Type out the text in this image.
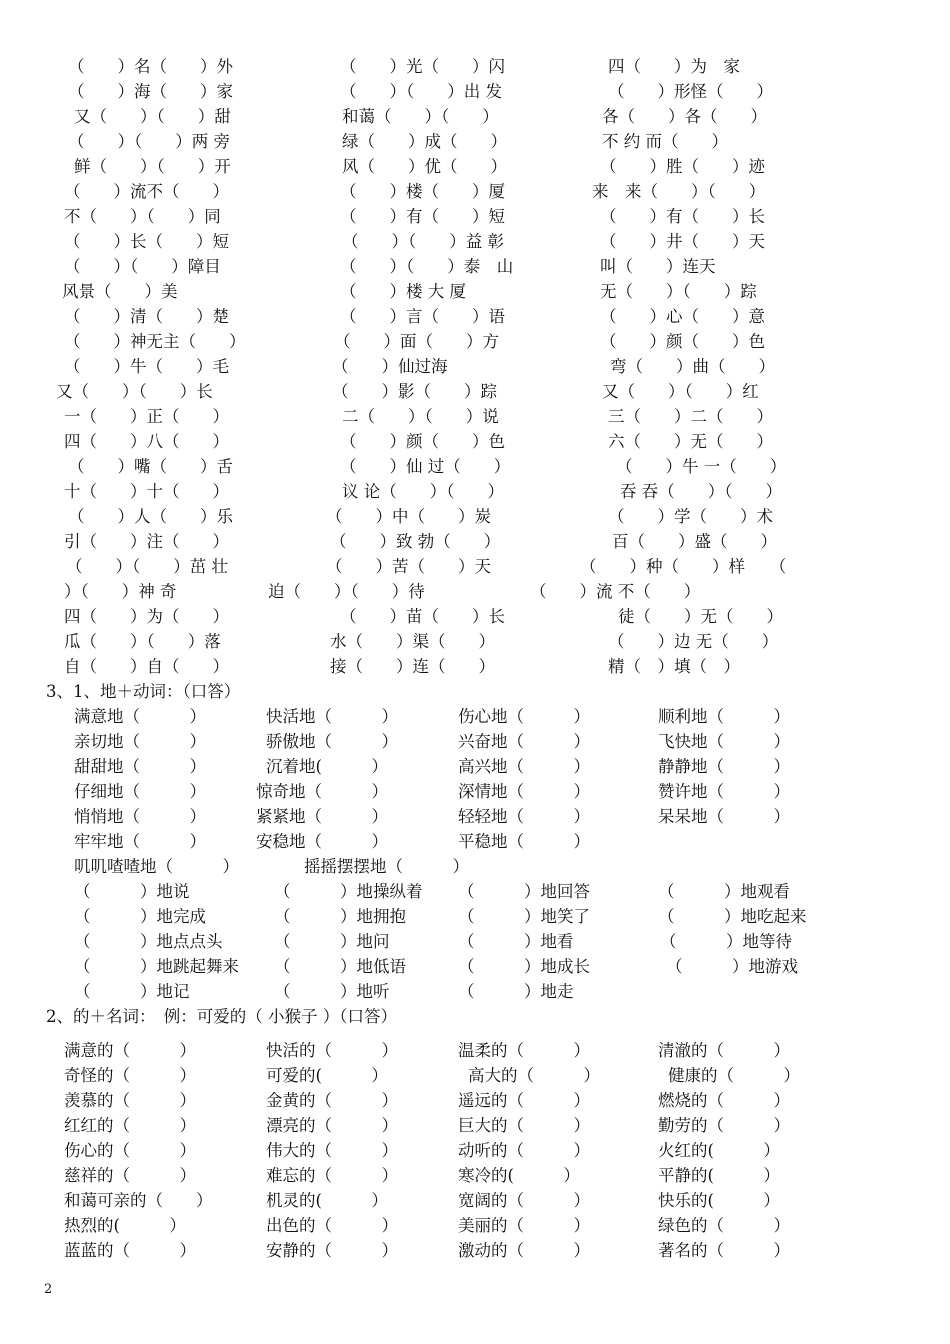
（　　）名（　　）外	（　　）光（　　）闪	四（　　）为　家
（　　）海（　　）家	（　　）（　　）出 发	（　　）形怪（　　）
又（　　）（　　）甜	和蔼（　　）（　　）	各（　　）各（　　）
（　　）（　　）两 旁	绿（　　）成（　　）	不 约 而（　　）
鲜（　　）（　　）开	风（　　）优（　　）	（　　）胜（　　）迹
（　　）流不（　　）	（　　）楼（　　）厦	来　来（　　）（　　）
不（　　）（　　）同	（　　）有（　　）短	（　　）有（　　）长
（　　）长（　　）短	（　　）（　　）益 彰	（　　）井（　　）天
（　　）（　　）障目	（　　）（　　）泰　山	叫（　　）连天
风景（　　）美	（　　）楼 大 厦	无（　　）（　　）踪
（　　）清（　　）楚	（　　）言（　　）语	（　　）心（　　）意
（　　）神无主（　　）	（　　）面（　　）方	（　　）颜（　　）色
（　　）牛（　　）毛	（　　）仙过海	弯（　　）曲（　　）
又（　　）（　　）长	（　　）影（　　）踪	又（　　）（　　）红
一（　　）正（　　）	二（　　）（　　）说	三（　　）二（　　）
四（　　）八（　　）	（　　）颜（　　）色	六（　　）无（　　）
（　　）嘴（　　）舌	（　　）仙 过（　　）	（　　）牛 一（　　）
十（　　）十（　　）	议 论（　　）（　　）	吞 吞（　　）（　　）
（　　）人（　　）乐	（　　）中（　　）炭	（　　）学（　　）术
引（　　）注（　　）	（　　）致 勃（　　）	百（　　）盛（　　）
（　　）（　　）茁 壮	（　　）苦（　　）天	（　　）种（　　）样　　（
）（　　）神 奇	迫（　　）（　　）待	（　　）流 不（　　）
四（　　）为（　　）	（　　）苗（　　）长	徒（　　）无（　　）
瓜（　　）（　　）落	水（　　）渠（　　）	（　　）边 无（　　）
自（　　）自（　　）	接（　　）连（　　）	精（　）填（　）
3、1、地＋动词：（口答）
满意地（　　　）	快活地（　　　）	伤心地（　　　）	顺利地（　　　）
亲切地（　　　）	骄傲地（　　　）	兴奋地（　　　）	飞快地（　　　）
甜甜地（　　　）	沉着地(　　　）	高兴地（　　　）	静静地（　　　）
仔细地（　　　）	惊奇地（　　　）	深情地（　　　）	赞许地（　　　）
悄悄地（　　　）	紧紧地（　　　）	轻轻地（　　　）	呆呆地（　　　）
牢牢地（　　　）	安稳地（　　　）	平稳地（　　　）
叽叽喳喳地（　　　）	摇摇摆摆地（　　　）
（　　　）地说	（　　　）地操纵着 （　　　）地回答	（　　　）地观看
（　　　）地完成	（　　　）地拥抱	（　　　）地笑了	（　　　）地吃起来
（　　　）地点点头	（　　　）地问	（　　　）地看	（　　　）地等待
（　　　）地跳起舞来 （　　　）地低语	（　　　）地成长	（　　　）地游戏
（　　　）地记	（　　　）地听	（　　　）地走
2、的＋名词：　例：可爱的（ 小猴子 ）（口答）
满意的（　　　）	快活的（　　　）	温柔的（　　　）	清澈的（　　　）
奇怪的（　　　）	可爱的(　　　）	高大的（　　　）	健康的（　　　）
羡慕的（　　　）	金黄的（　　　）	遥远的（　　　）	燃烧的（　　　）
红红的（　　　）	漂亮的（　　　）	巨大的（　　　）	勤劳的（　　　）
伤心的（　　　）	伟大的（　　　）	动听的（　　　）	火红的(　　　）
慈祥的（　　　）	难忘的（　　　）	寒冷的(　　　）	平静的(　　　）
和蔼可亲的（　　）	机灵的(　　　）	宽阔的（　　　）	快乐的(　　　）
热烈的(　　　）	出色的（　　　）	美丽的（　　　）	绿色的（　　　）
蓝蓝的（　　　）	安静的（　　　）	激动的（　　　）	著名的（　　　）
2
